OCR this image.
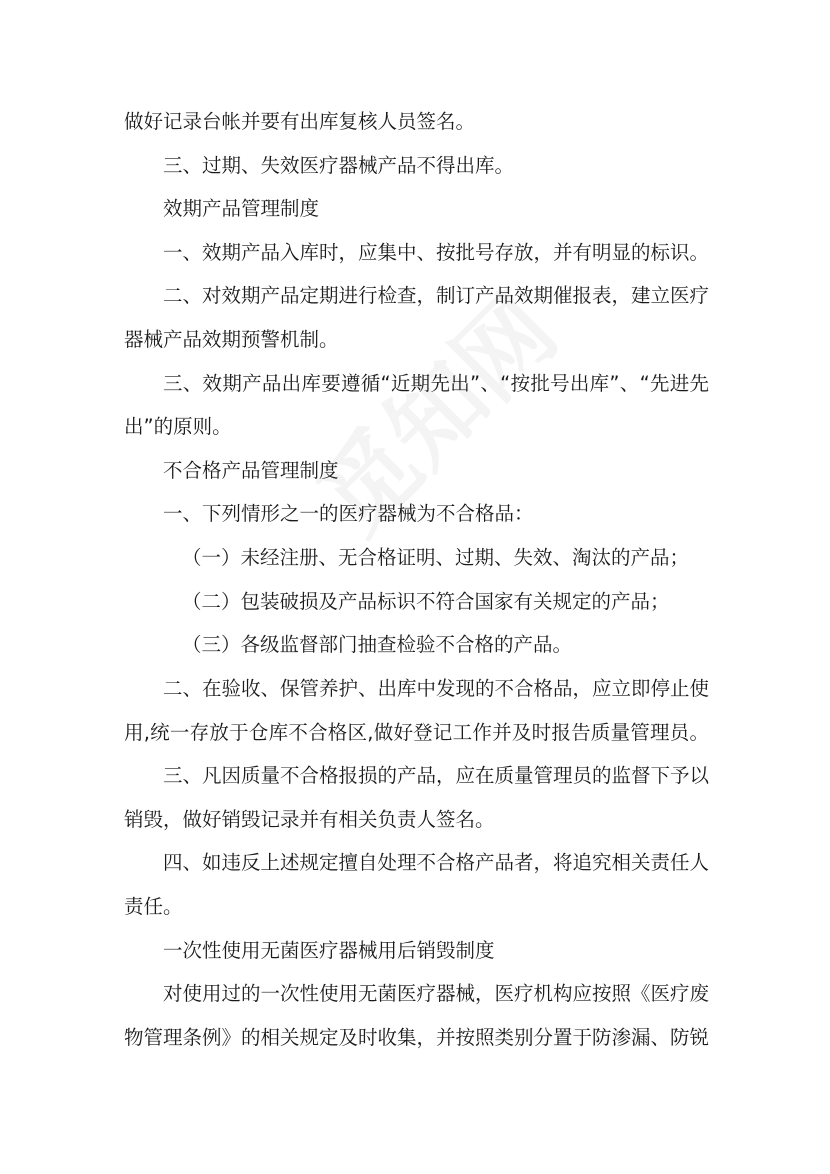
做好记录台帐并要有出库复核人员签名。
三、过期、失效医疗器械产品不得出库。
效期产品管理制度
一、效期产品入库时，应集中、按批号存放，并有明显的标识。
二、对效期产品定期进行检查，制订产品效期催报表，建立医疗
器械产品效期预警机制。
三、效期产品出库要遵循“近期先出”、“按批号出库”、“先进先
出”的原则。
不合格产品管理制度
一、下列情形之一的医疗器械为不合格品：
（一）未经注册、无合格证明、过期、失效、淘汰的产品；
（二）包装破损及产品标识不符合国家有关规定的产品；
（三）各级监督部门抽查检验不合格的产品。
二、在验收、保管养护、出库中发现的不合格品，应立即停止使
用,统一存放于仓库不合格区,做好登记工作并及时报告质量管理员。
三、凡因质量不合格报损的产品，应在质量管理员的监督下予以
销毁，做好销毁记录并有相关负责人签名。
四、如违反上述规定擅自处理不合格产品者，将追究相关责任人
责任。
一次性使用无菌医疗器械用后销毁制度
对使用过的一次性使用无菌医疗器械，医疗机构应按照《医疗废
物管理条例》的相关规定及时收集，并按照类别分置于防渗漏、防锐
